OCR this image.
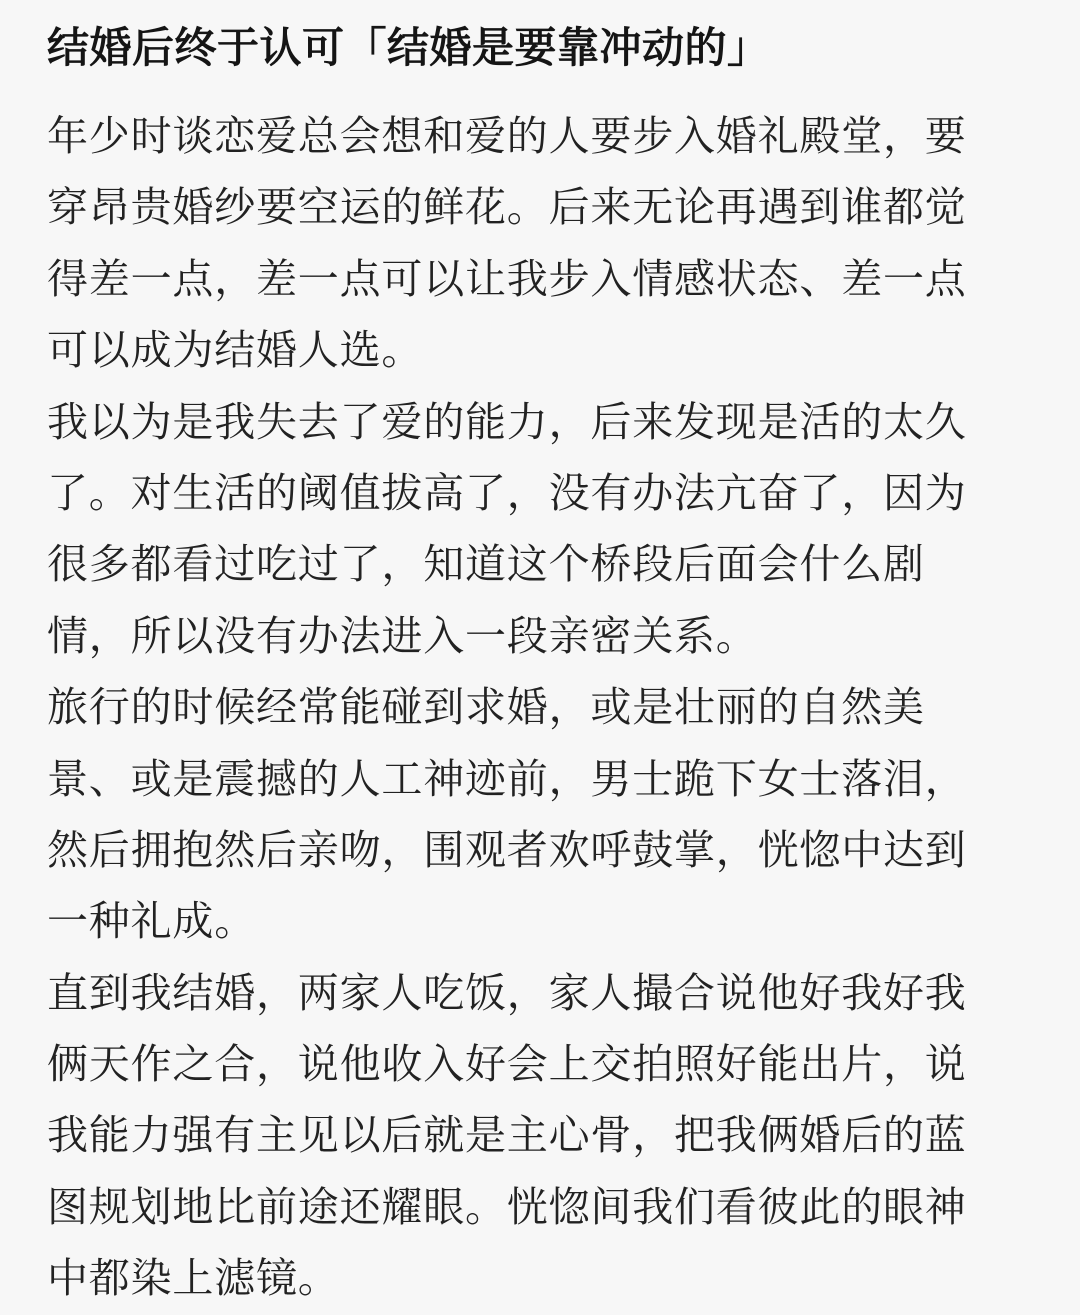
结婚后终于认可「结婚是要靠冲动的」
年少时谈恋爱总会想和爱的人要步入婚礼殿堂，要
穿昂贵婚纱要空运的鲜花。后来无论再遇到谁都觉
得差一点，差一点可以让我步入情感状态、差一点
可以成为结婚人选。
我以为是我失去了爱的能力，后来发现是活的太久
了。对生活的阈值拔高了，没有办法亢奋了，因为
很多都看过吃过了，知道这个桥段后面会什么剧
情，所以没有办法进入一段亲密关系。
旅行的时候经常能碰到求婚，或是壮丽的自然美
景、或是震撼的人工神迹前，男士跪下女士落泪，
然后拥抱然后亲吻，围观者欢呼鼓掌，恍惚中达到
一种礼成。
直到我结婚，两家人吃饭，家人撮合说他好我好我
俩天作之合，说他收入好会上交拍照好能出片，说
我能力强有主见以后就是主心骨，把我俩婚后的蓝
图规划地比前途还耀眼。恍惚间我们看彼此的眼神
中都染上滤镜。
